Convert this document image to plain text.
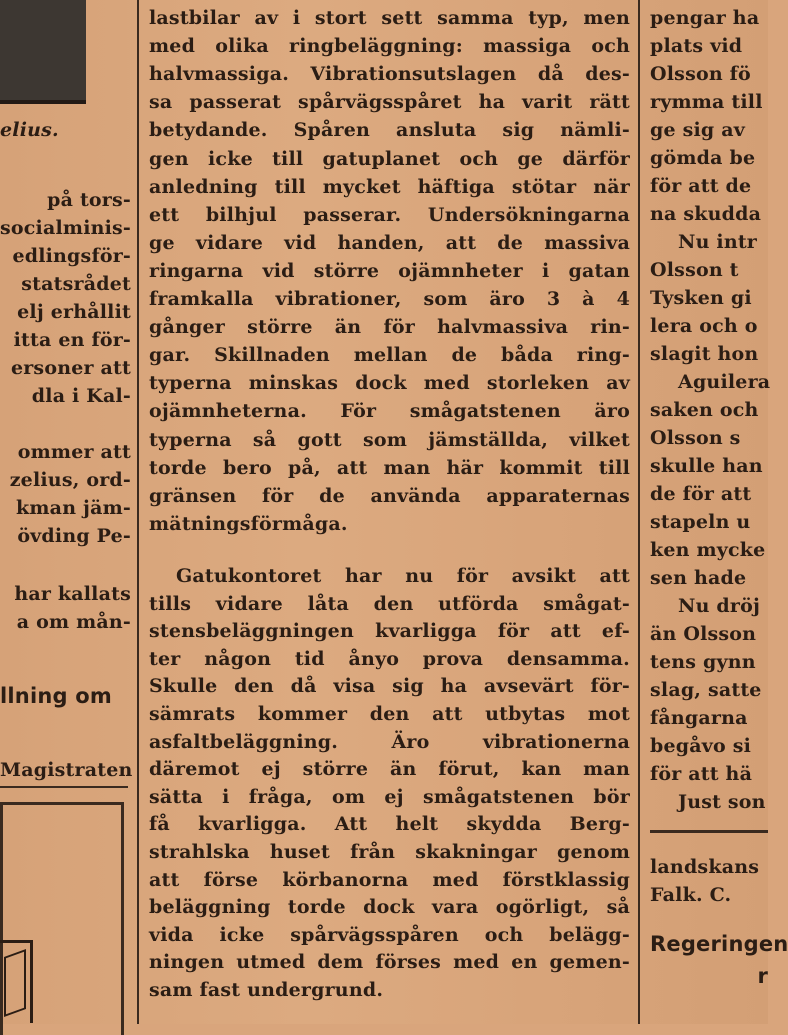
elius.
på tors-
socialminis-
edlingsför-
statsrådet
elj erhållit
itta en för-
ersoner att
dla i Kal-
ommer att
zelius, ord-
kman jäm-
övding Pe-
har kallats
a om mån-
llning om
Magistraten
lastbilar av i stort sett samma typ, men
med olika ringbeläggning: massiga och
halvmassiga. Vibrationsutslagen då des-
sa passerat spårvägsspåret ha varit rätt
betydande. Spåren ansluta sig nämli-
gen icke till gatuplanet och ge därför
anledning till mycket häftiga stötar när
ett bilhjul passerar. Undersökningarna
ge vidare vid handen, att de massiva
ringarna vid större ojämnheter i gatan
framkalla vibrationer, som äro 3 à 4
gånger större än för halvmassiva rin-
gar. Skillnaden mellan de båda ring-
typerna minskas dock med storleken av
ojämnheterna. För smågatstenen äro
typerna så gott som jämställda, vilket
torde bero på, att man här kommit till
gränsen för de använda apparaternas
mätningsförmåga.
Gatukontoret har nu för avsikt att
tills vidare låta den utförda smågat-
stensbeläggningen kvarligga för att ef-
ter någon tid ånyo prova densamma.
Skulle den då visa sig ha avsevärt för-
sämrats kommer den att utbytas mot
asfaltbeläggning. Äro vibrationerna
däremot ej större än förut, kan man
sätta i fråga, om ej smågatstenen bör
få kvarligga. Att helt skydda Berg-
strahlska huset från skakningar genom
att förse körbanorna med förstklassig
beläggning torde dock vara ogörligt, så
vida icke spårvägsspåren och belägg-
ningen utmed dem förses med en gemen-
sam fast undergrund.
pengar ha
plats vid
Olsson fö
rymma till
ge sig av
gömda be
för att de
na skudda
Nu intr
Olsson t
Tysken gi
lera och o
slagit hon
Aguilera
saken och
Olsson s
skulle han
de för att
stapeln u
ken mycke
sen hade
Nu dröj
än Olsson
tens gynn
slag, satte
fångarna
begåvo si
för att hä
Just son
landskans
Falk. C.
Regeringen
r
